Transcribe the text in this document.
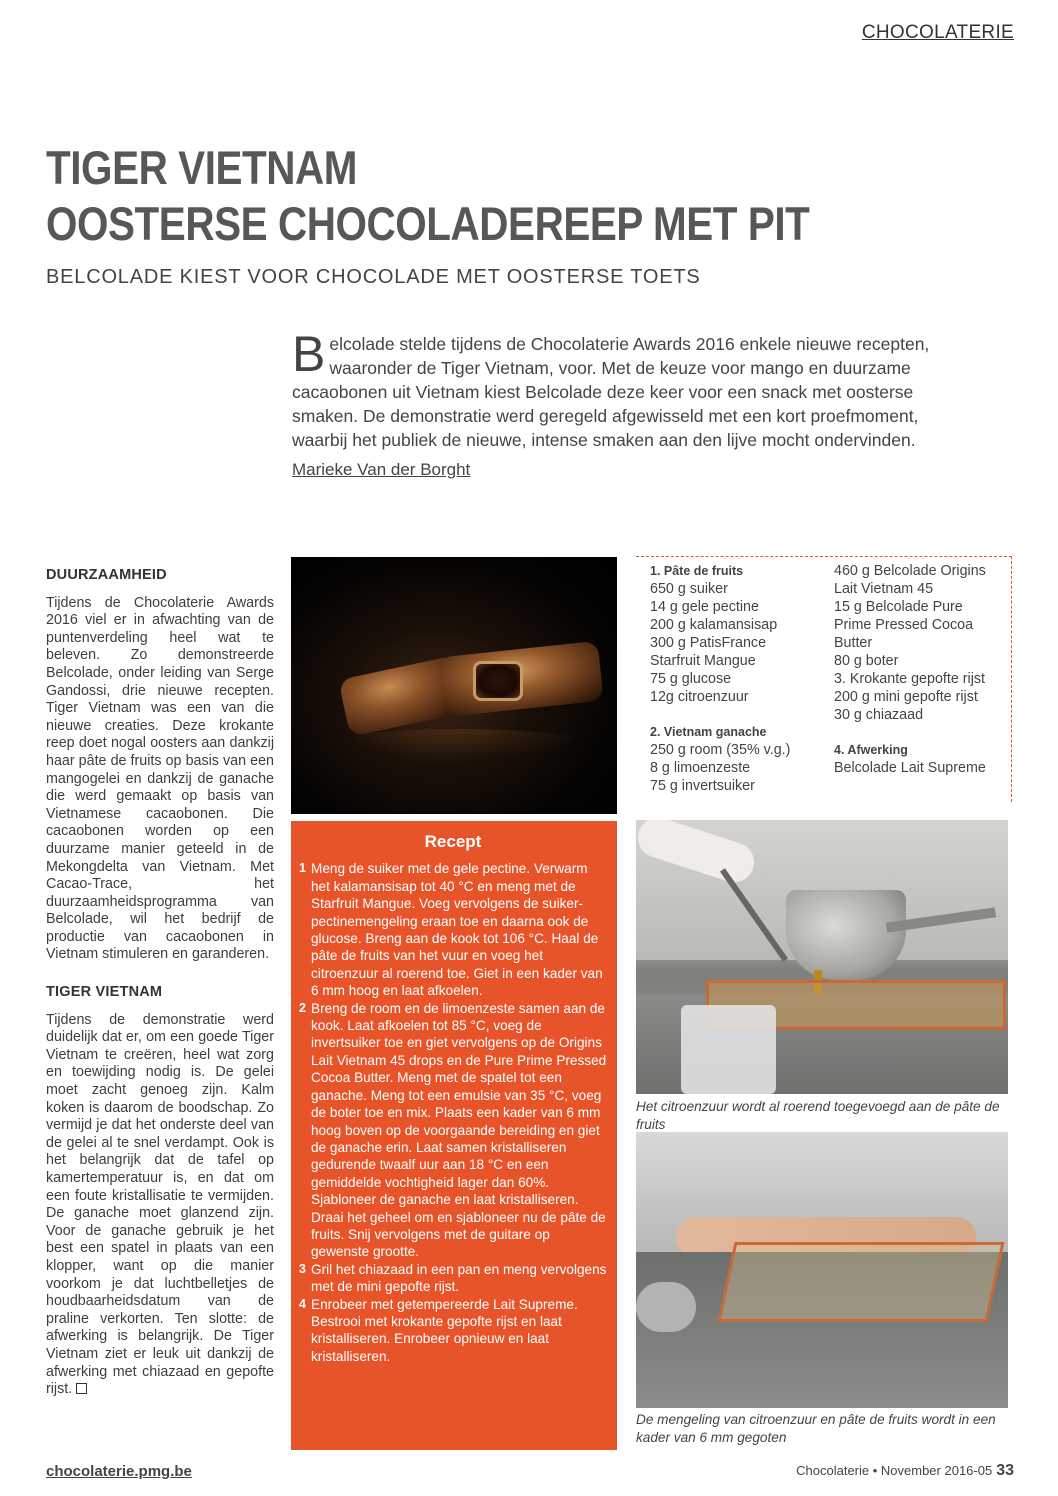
CHOCOLATERIE
TIGER VIETNAM
OOSTERSE CHOCOLADEREEP MET PIT
BELCOLADE KIEST VOOR CHOCOLADE MET OOSTERSE TOETS
Belcolade stelde tijdens de Chocolaterie Awards 2016 enkele nieuwe recepten, waaronder de Tiger Vietnam, voor. Met de keuze voor mango en duurzame cacaobonen uit Vietnam kiest Belcolade deze keer voor een snack met oosterse smaken. De demonstratie werd geregeld afgewisseld met een kort proefmoment, waarbij het publiek de nieuwe, intense smaken aan den lijve mocht ondervinden.
Marieke Van der Borght
DUURZAAMHEID

Tijdens de Chocolaterie Awards 2016 viel er in afwachting van de puntenverdeling heel wat te beleven. Zo demonstreerde Belcolade, onder leiding van Serge Gandossi, drie nieuwe recepten. Tiger Vietnam was een van die nieuwe creaties. Deze krokante reep doet nogal oosters aan dankzij haar pâte de fruits op basis van een mangogelei en dankzij de ganache die werd gemaakt op basis van Vietnamese cacaobonen. Die cacaobonen worden op een duurzame manier geteeld in de Mekongdelta van Vietnam. Met Cacao-Trace, het duurzaamheidsprogramma van Belcolade, wil het bedrijf de productie van cacaobonen in Vietnam stimuleren en garanderen.

TIGER VIETNAM

Tijdens de demonstratie werd duidelijk dat er, om een goede Tiger Vietnam te creëren, heel wat zorg en toewijding nodig is. De gelei moet zacht genoeg zijn. Kalm koken is daarom de boodschap. Zo vermijd je dat het onderste deel van de gelei al te snel verdampt. Ook is het belangrijk dat de tafel op kamertemperatuur is, en dat om een foute kristallisatie te vermijden. De ganache moet glanzend zijn. Voor de ganache gebruik je het best een spatel in plaats van een klopper, want op die manier voorkom je dat luchtbelletjes de houdbaarheidsdatum van de praline verkorten. Ten slotte: de afwerking is belangrijk. De Tiger Vietnam ziet er leuk uit dankzij de afwerking met chiazaad en gepofte rijst.

Recept
1 Meng de suiker met de gele pectine. Verwarm het kalamansisap tot 40 °C en meng met de Starfruit Mangue. Voeg vervolgens de suiker-pectinemengeling eraan toe en daarna ook de glucose. Breng aan de kook tot 106 °C. Haal de pâte de fruits van het vuur en voeg het citroenzuur al roerend toe. Giet in een kader van 6 mm hoog en laat afkoelen.
2 Breng de room en de limoenzeste samen aan de kook. Laat afkoelen tot 85 °C, voeg de invertsuiker toe en giet vervolgens op de Origins Lait Vietnam 45 drops en de Pure Prime Pressed Cocoa Butter. Meng met de spatel tot een ganache. Meng tot een emulsie van 35 °C, voeg de boter toe en mix. Plaats een kader van 6 mm hoog boven op de voorgaande bereiding en giet de ganache erin. Laat samen kristalliseren gedurende twaalf uur aan 18 °C en een gemiddelde vochtigheid lager dan 60%. Sjabloneer de ganache en laat kristalliseren. Draai het geheel om en sjabloneer nu de pâte de fruits. Snij vervolgens met de guitare op gewenste grootte.
3 Gril het chiazaad in een pan en meng vervolgens met de mini gepofte rijst.
4 Enrobeer met getempereerde Lait Supreme. Bestrooi met krokante gepofte rijst en laat kristalliseren. Enrobeer opnieuw en laat kristalliseren.
1. Pâte de fruits
650 g suiker
14 g gele pectine
200 g kalamansisap
300 g PatisFrance
Starfruit Mangue
75 g glucose
12g citroenzuur
2. Vietnam ganache
250 g room (35% v.g.)
8 g limoenzeste
75 g invertsuiker
460 g Belcolade Origins
Lait Vietnam 45
15 g Belcolade Pure
Prime Pressed Cocoa
Butter
80 g boter
3. Krokante gepofte rijst
200 g mini gepofte rijst
30 g chiazaad
4. Afwerking
Belcolade Lait Supreme
Het citroenzuur wordt al roerend toegevoegd aan de pâte de fruits
De mengeling van citroenzuur en pâte de fruits wordt in een kader van 6 mm gegoten
chocolaterie.pmg.be	Chocolaterie • November 2016-05 33
